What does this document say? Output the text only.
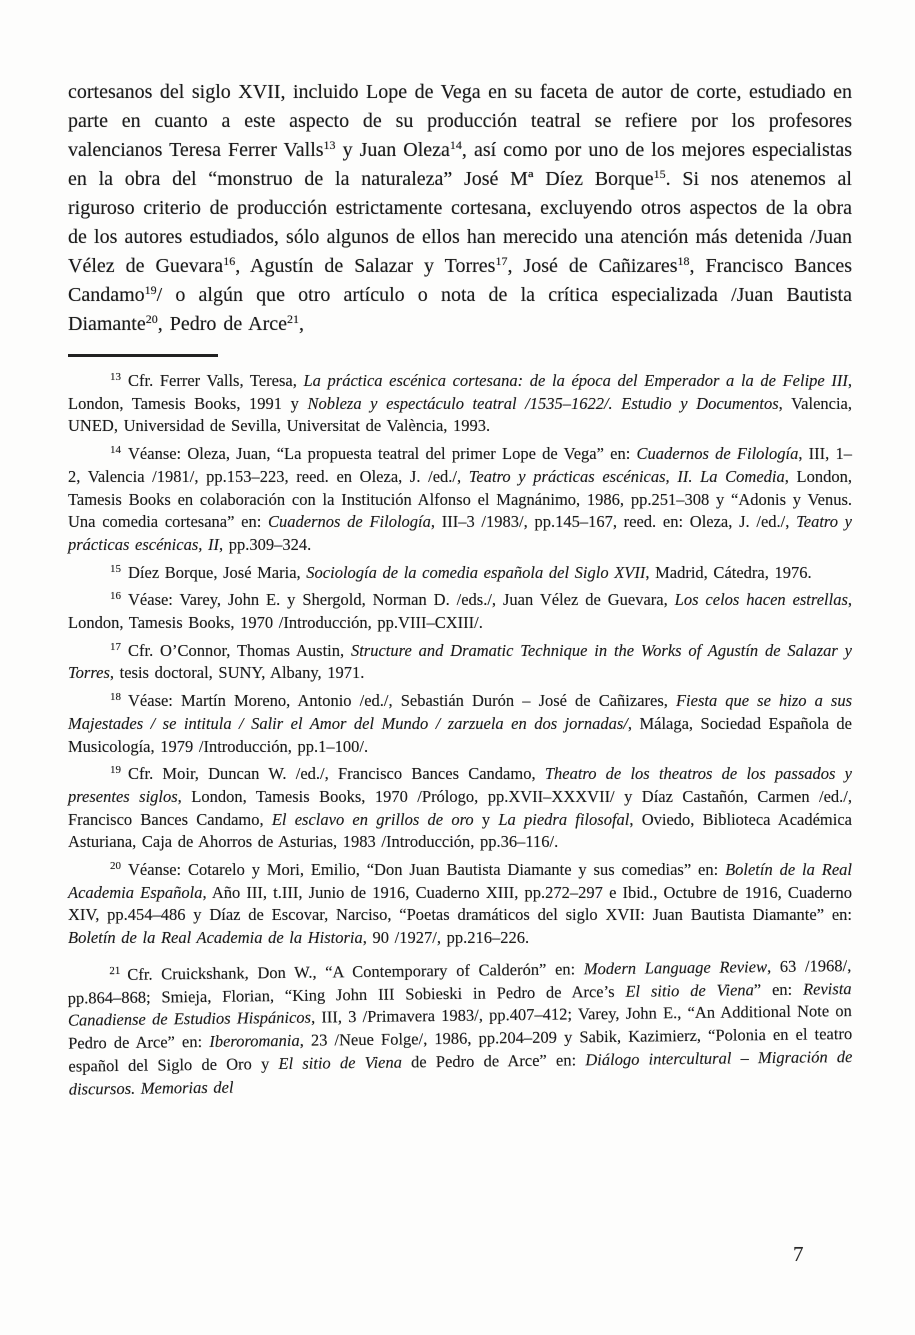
cortesanos del siglo XVII, incluido Lope de Vega en su faceta de autor de corte, estudiado en parte en cuanto a este aspecto de su producción teatral se refiere por los profesores valencianos Teresa Ferrer Valls$^{13}$ y Juan Oleza$^{14}$, así como por uno de los mejores especialistas en la obra del “monstruo de la naturaleza” José Mª Díez Borque$^{15}$. Si nos atenemos al riguroso criterio de producción estrictamente cortesana, excluyendo otros aspectos de la obra de los autores estudiados, sólo algunos de ellos han merecido una atención más detenida /Juan Vélez de Guevara$^{16}$, Agustín de Salazar y Torres$^{17}$, José de Cañizares$^{18}$, Francisco Bances Candamo$^{19}$/ o algún que otro artículo o nota de la crítica especializada /Juan Bautista Diamante$^{20}$, Pedro de Arce$^{21}$,

$^{13}$ Cfr. Ferrer Valls, Teresa, La práctica escénica cortesana: de la época del Emperador a la de Felipe III, London, Tamesis Books, 1991 y Nobleza y espectáculo teatral /1535–1622/. Estudio y Documentos, Valencia, UNED, Universidad de Sevilla, Universitat de València, 1993.

$^{14}$ Véanse: Oleza, Juan, “La propuesta teatral del primer Lope de Vega” en: Cuadernos de Filología, III, 1–2, Valencia /1981/, pp.153–223, reed. en Oleza, J. /ed./, Teatro y prácticas escénicas, II. La Comedia, London, Tamesis Books en colaboración con la Institución Alfonso el Magnánimo, 1986, pp.251–308 y “Adonis y Venus. Una comedia cortesana” en: Cuadernos de Filología, III–3 /1983/, pp.145–167, reed. en: Oleza, J. /ed./, Teatro y prácticas escénicas, II, pp.309–324.

$^{15}$ Díez Borque, José Maria, Sociología de la comedia española del Siglo XVII, Madrid, Cátedra, 1976.

$^{16}$ Véase: Varey, John E. y Shergold, Norman D. /eds./, Juan Vélez de Guevara, Los celos hacen estrellas, London, Tamesis Books, 1970 /Introducción, pp.VIII–CXIII/.

$^{17}$ Cfr. O’Connor, Thomas Austin, Structure and Dramatic Technique in the Works of Agustín de Salazar y Torres, tesis doctoral, SUNY, Albany, 1971.

$^{18}$ Véase: Martín Moreno, Antonio /ed./, Sebastián Durón – José de Cañizares, Fiesta que se hizo a sus Majestades / se intitula / Salir el Amor del Mundo / zarzuela en dos jornadas/, Málaga, Sociedad Española de Musicología, 1979 /Introducción, pp.1–100/.

$^{19}$ Cfr. Moir, Duncan W. /ed./, Francisco Bances Candamo, Theatro de los theatros de los passados y presentes siglos, London, Tamesis Books, 1970 /Prólogo, pp.XVII–XXXVII/ y Díaz Castañón, Carmen /ed./, Francisco Bances Candamo, El esclavo en grillos de oro y La piedra filosofal, Oviedo, Biblioteca Académica Asturiana, Caja de Ahorros de Asturias, 1983 /Introducción, pp.36–116/.

$^{20}$ Véanse: Cotarelo y Mori, Emilio, “Don Juan Bautista Diamante y sus comedias” en: Boletín de la Real Academia Española, Año III, t.III, Junio de 1916, Cuaderno XIII, pp.272–297 e Ibid., Octubre de 1916, Cuaderno XIV, pp.454–486 y Díaz de Escovar, Narciso, “Poetas dramáticos del siglo XVII: Juan Bautista Diamante” en: Boletín de la Real Academia de la Historia, 90 /1927/, pp.216–226.

$^{21}$ Cfr. Cruickshank, Don W., “A Contemporary of Calderón” en: Modern Language Review, 63 /1968/, pp.864–868; Smieja, Florian, “King John III Sobieski in Pedro de Arce’s El sitio de Viena” en: Revista Canadiense de Estudios Hispánicos, III, 3 /Primavera 1983/, pp.407–412; Varey, John E., “An Additional Note on Pedro de Arce” en: Iberoromania, 23 /Neue Folge/, 1986, pp.204–209 y Sabik, Kazimierz, “Polonia en el teatro español del Siglo de Oro y El sitio de Viena de Pedro de Arce” en: Diálogo intercultural – Migración de discursos. Memorias del

7
